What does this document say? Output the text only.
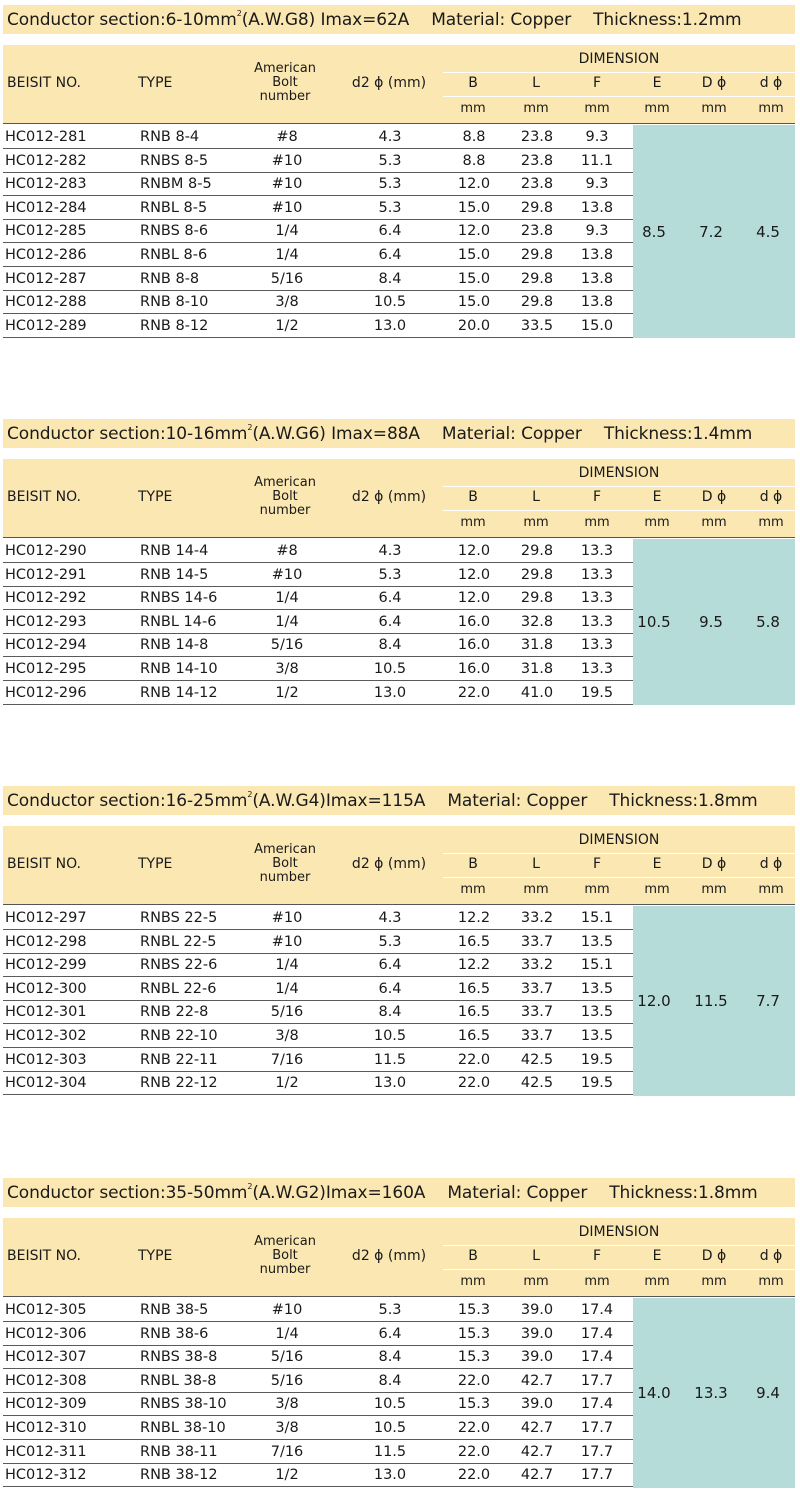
Conductor $section:6-10mm^2(A.W.G8)$ Imax=62A Material: Copper Thickness:1.2mm
BEISIT NO.	TYPE
American
Bolt
number
d2 ϕ (mm)
DIMENSION
B	L	F	E	D ϕ d ϕ
mm	mm	mm	mm mm mm
HC012-281	RNB 8-4	#8	4.3	8.8 23.8 9.3
HC012-282	RNBS 8-5	#10	5.3	8.8 23.8 11.1
HC012-283	RNBM 8-5	#10	5.3	12.0 23.8 9.3
HC012-284	RNBL 8-5	#10	5.3	15.0 29.8 13.8
HC012-285	RNBS 8-6	1/4	6.4	12.0 23.8 9.3
HC012-286	RNBL 8-6	1/4	6.4	15.0 29.8 13.8
HC012-287	RNB 8-8	5/16	8.4	15.0 29.8 13.8
HC012-288	RNB 8-10	3/8	10.5	15.0 29.8 13.8
HC012-289	RNB 8-12	1/2	13.0	20.0 33.5 15.0
8.5 7.2 4.5
Conductor $section:10-16mm^2(A.W.G6)$ Imax=88A Material: Copper Thickness:1.4mm
BEISIT NO.	TYPE
American
Bolt
number
d2 ϕ (mm)
DIMENSION
B	L	F	E	D ϕ d ϕ
mm	mm	mm	mm mm mm
HC012-290	RNB 14-4	#8	4.3	12.0 29.8 13.3
HC012-291	RNB 14-5	#10	5.3	12.0 29.8 13.3
HC012-292	RNBS 14-6	1/4	6.4	12.0 29.8 13.3
HC012-293	RNBL 14-6	1/4	6.4	16.0 32.8 13.3
HC012-294	RNB 14-8	5/16	8.4	16.0 31.8 13.3
HC012-295	RNB 14-10	3/8	10.5	16.0 31.8 13.3
HC012-296	RNB 14-12	1/2	13.0	22.0 41.0 19.5
10.5 9.5 5.8
Conductor $section:16-25mm^2(A.W.G4)Imax=115A$ Material: Copper Thickness:1.8mm
BEISIT NO.	TYPE
American
Bolt
number
d2 ϕ (mm)
DIMENSION
B	L	F	E	D ϕ d ϕ
mm	mm	mm	mm mm mm
HC012-297	RNBS 22-5	#10	4.3	12.2 33.2 15.1
HC012-298	RNBL 22-5	#10	5.3	16.5 33.7 13.5
HC012-299	RNBS 22-6	1/4	6.4	12.2 33.2 15.1
HC012-300	RNBL 22-6	1/4	6.4	16.5 33.7 13.5
HC012-301	RNB 22-8	5/16	8.4	16.5 33.7 13.5
HC012-302	RNB 22-10	3/8	10.5	16.5 33.7 13.5
HC012-303	RNB 22-11	7/16	11.5	22.0 42.5 19.5
HC012-304	RNB 22-12	1/2	13.0	22.0 42.5 19.5
12.0 11.5 7.7
Conductor $section:35-50mm^2(A.W.G2)Imax=160A$ Material: Copper Thickness:1.8mm
BEISIT NO.	TYPE
American
Bolt
number
d2 ϕ (mm)
DIMENSION
B	L	F	E	D ϕ d ϕ
mm	mm	mm	mm mm mm
HC012-305	RNB 38-5	#10	5.3	15.3 39.0 17.4
HC012-306	RNB 38-6	1/4	6.4	15.3 39.0 17.4
HC012-307	RNBS 38-8	5/16	8.4	15.3 39.0 17.4
HC012-308	RNBL 38-8	5/16	8.4	22.0 42.7 17.7
HC012-309	RNBS 38-10	3/8	10.5	15.3 39.0 17.4
HC012-310	RNBL 38-10	3/8	10.5	22.0 42.7 17.7
HC012-311	RNB 38-11	7/16	11.5	22.0 42.7 17.7
HC012-312	RNB 38-12	1/2	13.0	22.0 42.7 17.7
14.0 13.3 9.4
